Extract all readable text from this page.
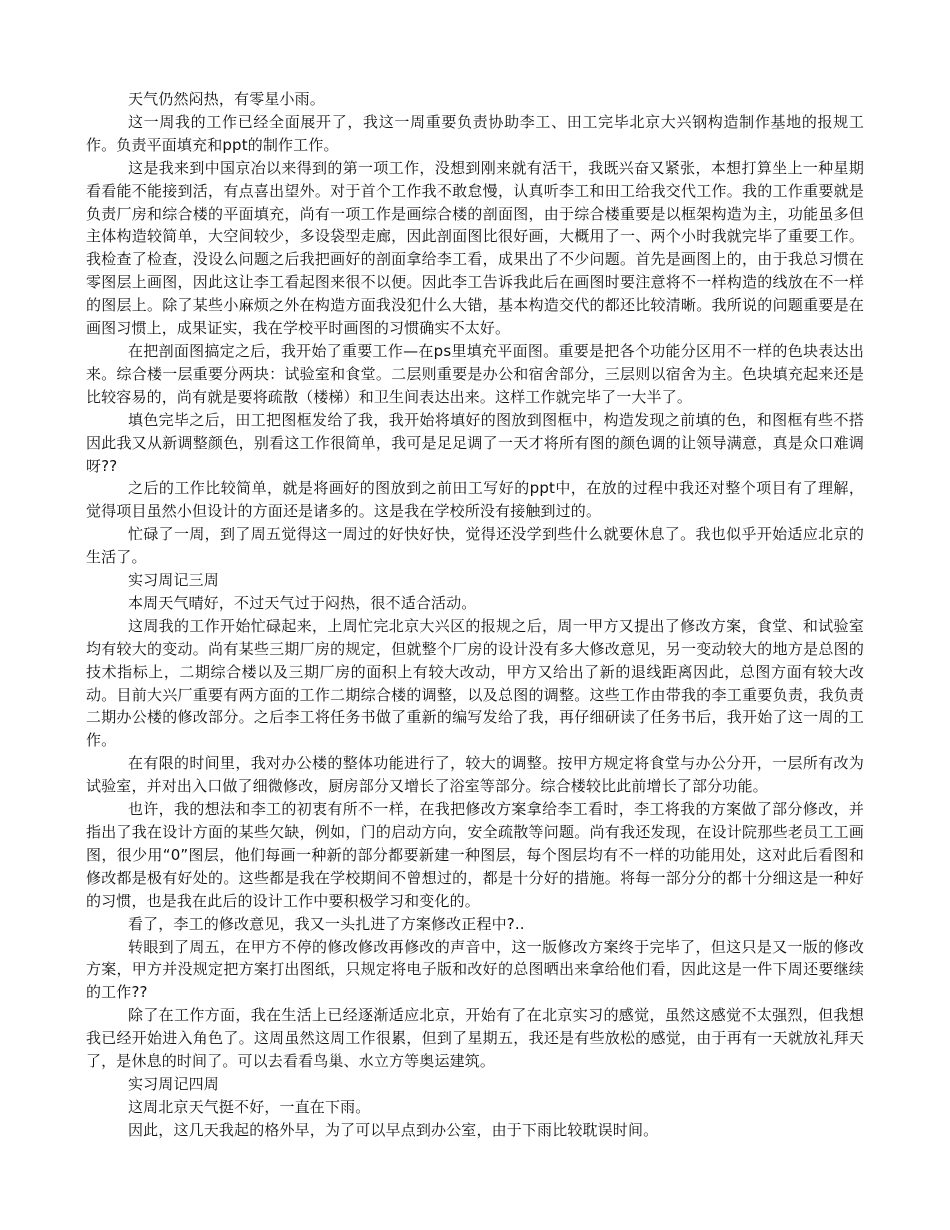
天气仍然闷热，有零星小雨。

这一周我的工作已经全面展开了，我这一周重要负责协助李工、田工完毕北京大兴钢构造制作基地的报规工作。负责平面填充和ppt的制作工作。

这是我来到中国京冶以来得到的第一项工作，没想到刚来就有活干，我既兴奋又紧张，本想打算坐上一种星期看看能不能接到活，有点喜出望外。对于首个工作我不敢怠慢，认真听李工和田工给我交代工作。我的工作重要就是负责厂房和综合楼的平面填充，尚有一项工作是画综合楼的剖面图，由于综合楼重要是以框架构造为主，功能虽多但主体构造较简单，大空间较少，多设袋型走廊，因此剖面图比很好画，大概用了一、两个小时我就完毕了重要工作。我检查了检查，没设么问题之后我把画好的剖面拿给李工看，成果出了不少问题。首先是画图上的，由于我总习惯在零图层上画图，因此这让李工看起图来很不以便。因此李工告诉我此后在画图时要注意将不一样构造的线放在不一样的图层上。除了某些小麻烦之外在构造方面我没犯什么大错，基本构造交代的都还比较清晰。我所说的问题重要是在画图习惯上，成果证实，我在学校平时画图的习惯确实不太好。

在把剖面图搞定之后，我开始了重要工作—在ps里填充平面图。重要是把各个功能分区用不一样的色块表达出来。综合楼一层重要分两块：试验室和食堂。二层则重要是办公和宿舍部分，三层则以宿舍为主。色块填充起来还是比较容易的，尚有就是要将疏散（楼梯）和卫生间表达出来。这样工作就完毕了一大半了。

填色完毕之后，田工把图框发给了我，我开始将填好的图放到图框中，构造发现之前填的色，和图框有些不搭因此我又从新调整颜色，别看这工作很简单，我可是足足调了一天才将所有图的颜色调的让领导满意，真是众口难调呀??

之后的工作比较简单，就是将画好的图放到之前田工写好的ppt中，在放的过程中我还对整个项目有了理解，觉得项目虽然小但设计的方面还是诸多的。这是我在学校所没有接触到过的。

忙碌了一周，到了周五觉得这一周过的好快好快，觉得还没学到些什么就要休息了。我也似乎开始适应北京的生活了。

实习周记三周

本周天气晴好，不过天气过于闷热，很不适合活动。

这周我的工作开始忙碌起来，上周忙完北京大兴区的报规之后，周一甲方又提出了修改方案，食堂、和试验室均有较大的变动。尚有某些三期厂房的规定，但就整个厂房的设计没有多大修改意见，另一变动较大的地方是总图的技术指标上，二期综合楼以及三期厂房的面积上有较大改动，甲方又给出了新的退线距离因此，总图方面有较大改动。目前大兴厂重要有两方面的工作二期综合楼的调整，以及总图的调整。这些工作由带我的李工重要负责，我负责二期办公楼的修改部分。之后李工将任务书做了重新的编写发给了我，再仔细研读了任务书后，我开始了这一周的工作。

在有限的时间里，我对办公楼的整体功能进行了，较大的调整。按甲方规定将食堂与办公分开，一层所有改为试验室，并对出入口做了细微修改，厨房部分又增长了浴室等部分。综合楼较比此前增长了部分功能。

也许，我的想法和李工的初衷有所不一样，在我把修改方案拿给李工看时，李工将我的方案做了部分修改，并指出了我在设计方面的某些欠缺，例如，门的启动方向，安全疏散等问题。尚有我还发现，在设计院那些老员工工画图，很少用“0”图层，他们每画一种新的部分都要新建一种图层，每个图层均有不一样的功能用处，这对此后看图和修改都是极有好处的。这些都是我在学校期间不曾想过的，都是十分好的措施。将每一部分分的都十分细这是一种好的习惯，也是我在此后的设计工作中要积极学习和变化的。

看了，李工的修改意见，我又一头扎进了方案修改正程中?..

转眼到了周五，在甲方不停的修改修改再修改的声音中，这一版修改方案终于完毕了，但这只是又一版的修改方案，甲方并没规定把方案打出图纸，只规定将电子版和改好的总图晒出来拿给他们看，因此这是一件下周还要继续的工作??

除了在工作方面，我在生活上已经逐渐适应北京，开始有了在北京实习的感觉，虽然这感觉不太强烈，但我想我已经开始进入角色了。这周虽然这周工作很累，但到了星期五，我还是有些放松的感觉，由于再有一天就放礼拜天了，是休息的时间了。可以去看看鸟巢、水立方等奥运建筑。

实习周记四周

这周北京天气挺不好，一直在下雨。

因此，这几天我起的格外早，为了可以早点到办公室，由于下雨比较耽误时间。
